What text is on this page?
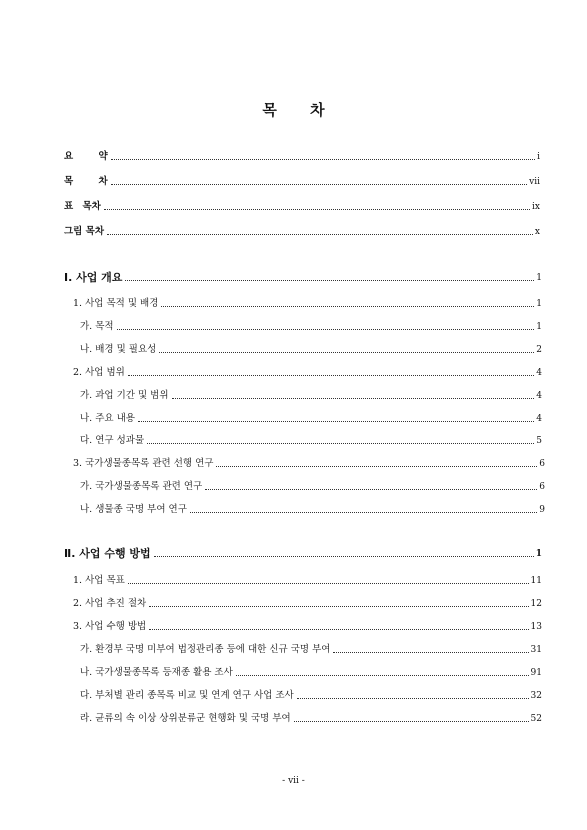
목 차
요 약	i
목 차	vii
표 목차	ix
그림 목차	x
Ⅰ. 사업 개요	1
1. 사업 목적 및 배경	1
가. 목적	1
나. 배경 및 필요성	2
2. 사업 범위	4
가. 과업 기간 및 범위	4
나. 주요 내용	4
다. 연구 성과물	5
3. 국가생물종목록 관련 선행 연구	6
가. 국가생물종목록 관련 연구	6
나. 생물종 국명 부여 연구	9
Ⅱ. 사업 수행 방법	1
1. 사업 목표	11
2. 사업 추진 절차	12
3. 사업 수행 방법	13
가. 환경부 국명 미부여 법정관리종 등에 대한 신규 국명 부여	31
나. 국가생물종목록 등재종 활용 조사	91
다. 부처별 관리 종목록 비교 및 연계 연구 사업 조사	32
라. 균류의 속 이상 상위분류군 현행화 및 국명 부여	52
- vii -
